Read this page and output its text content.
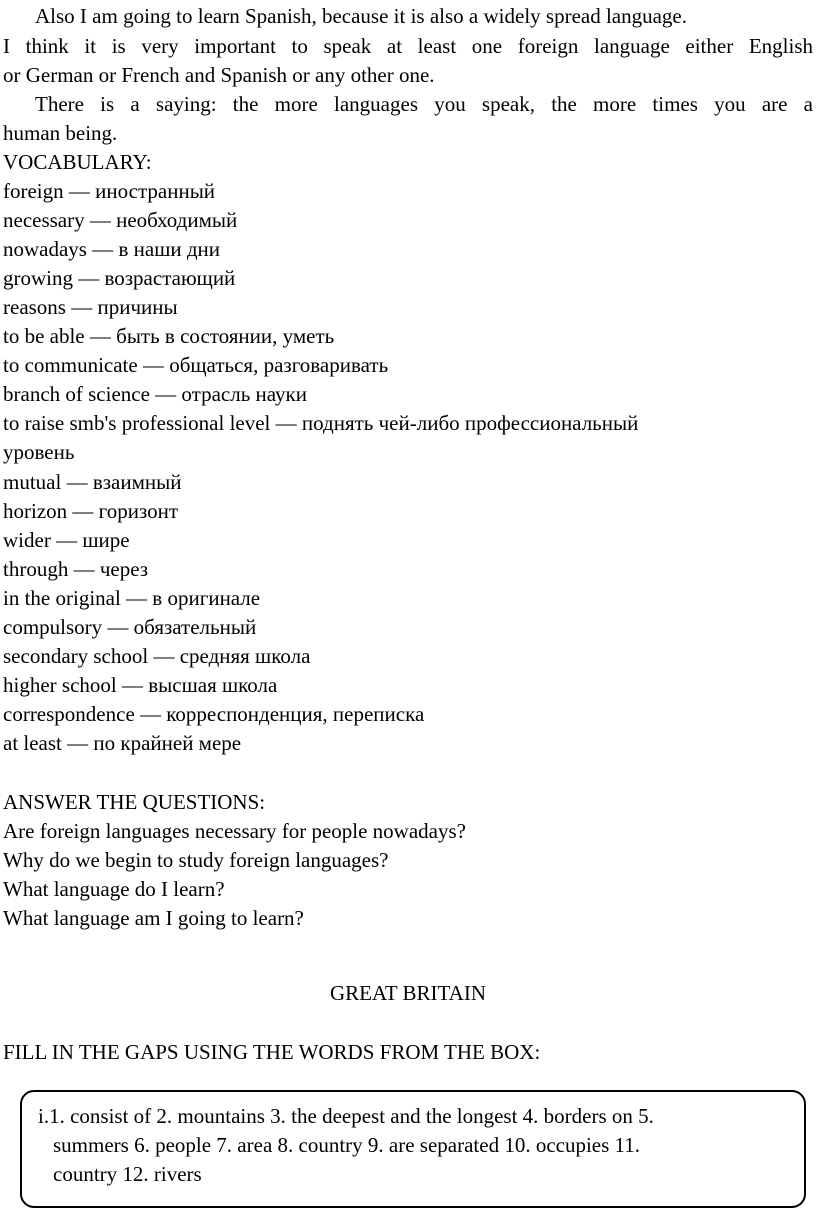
Also I am going to learn Spanish, because it is also a widely spread language.
I think it is very important to speak at least one foreign language either English
or German or French and Spanish or any other one.
There is a saying: the more languages you speak, the more times you are a
human being.
VOCABULARY:
foreign — иностранный
necessary — необходимый
nowadays — в наши дни
growing — возрастающий
reasons — причины
to be able — быть в состоянии, уметь
to communicate — общаться, разговаривать
branch of science — отрасль науки
to raise smb's professional level — поднять чей-либо профессиональный
уровень
mutual — взаимный
horizon — горизонт
wider — шире
through — через
in the original — в оригинале
compulsory — обязательный
secondary school — средняя школа
higher school — высшая школа
correspondence — корреспонденция, переписка
at least — по крайней мере
ANSWER THE QUESTIONS:
Are foreign languages necessary for people nowadays?
Why do we begin to study foreign languages?
What language do I learn?
What language am I going to learn?
GREAT BRITAIN
FILL IN THE GAPS USING THE WORDS FROM THE BOX:
i.1. consist of 2. mountains 3. the deepest and the longest 4. borders on 5.
summers 6. people 7. area 8. country 9. are separated 10. occupies 11.
country 12. rivers
